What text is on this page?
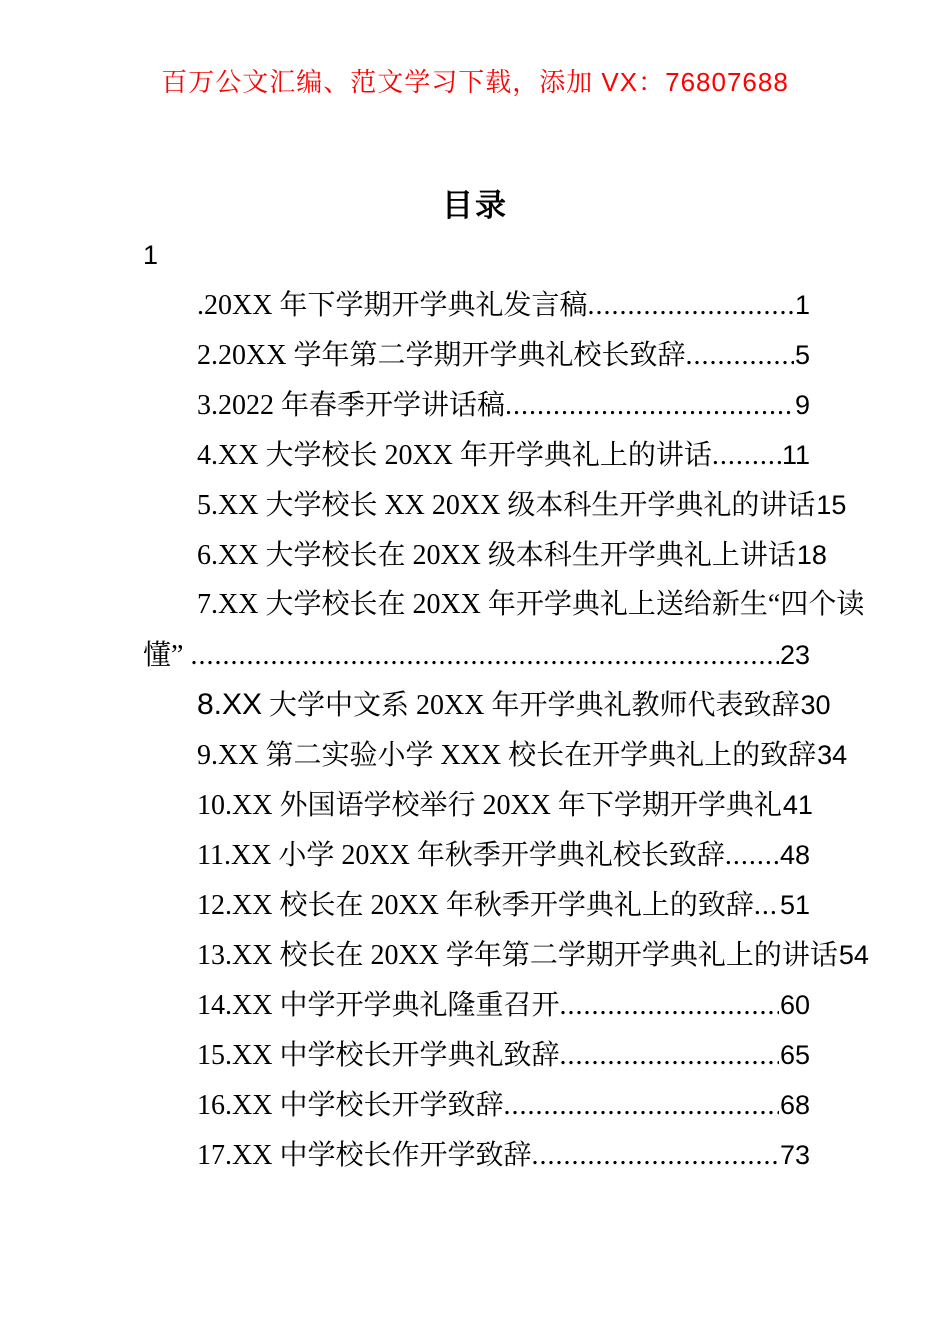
百万公文汇编、范文学习下载，添加 VX：76807688
目录
1
.20XX 年下学期开学典礼发言稿 .....	1
2.20XX 学年第二学期开学典礼校长致辞 .....	5
3.2022 年春季开学讲话稿 .....	9
4.XX 大学校长 20XX 年开学典礼上的讲话 .....	11
5.XX 大学校长 XX 20XX 级本科生开学典礼的讲话 15
6.XX 大学校长在 20XX 级本科生开学典礼上讲话 18
7.XX 大学校长在 20XX 年开学典礼上送给新生“四个读
懂” .....	23
8.XX 大学中文系 20XX 年开学典礼教师代表致辞 30
9.XX 第二实验小学 XXX 校长在开学典礼上的致辞 34
10.XX 外国语学校举行 20XX 年下学期开学典礼 41
11.XX 小学 20XX 年秋季开学典礼校长致辞 ..... 48
12.XX 校长在 20XX 年秋季开学典礼上的致辞 ..... 51
13.XX 校长在 20XX 学年第二学期开学典礼上的讲话 54
14.XX 中学开学典礼隆重召开 .....	60
15.XX 中学校长开学典礼致辞 .....	65
16.XX 中学校长开学致辞 .....	68
17.XX 中学校长作开学致辞 .....	73
